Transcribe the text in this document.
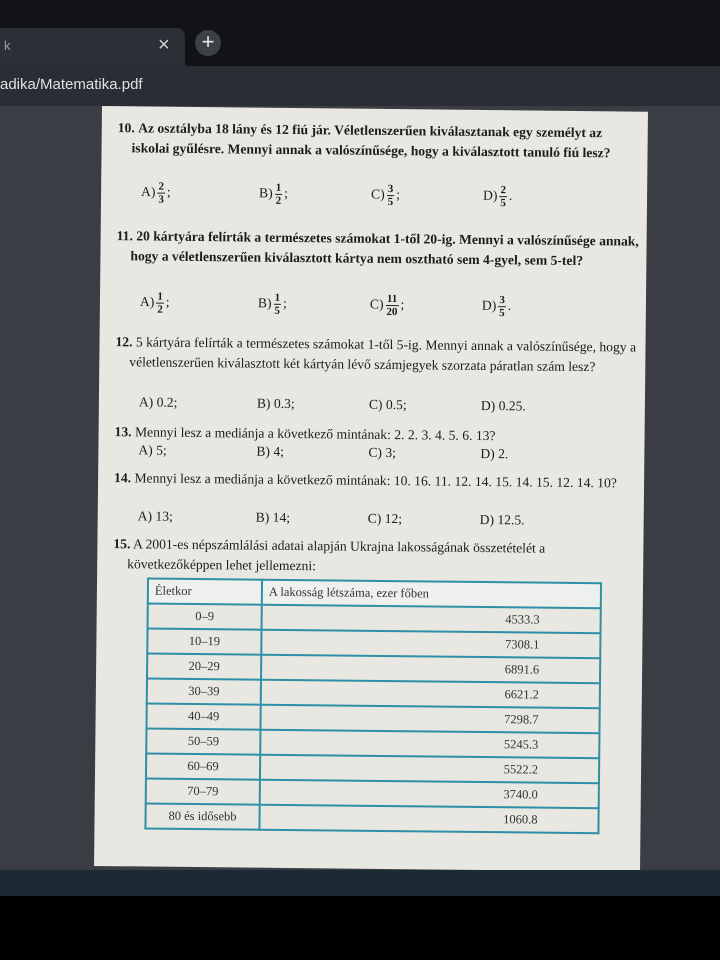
k	× +
adika/Matematika.pdf
10. Az osztályba 18 lány és 12 fiú jár. Véletlenszerűen kiválasztanak egy személyt az iskolai gyűlésre. Mennyi annak a valószínűsége, hogy a kiválasztott tanuló fiú lesz?
$A) \frac{2}{3}$ ;	$B) \frac{1}{2}$ ;	$C) \frac{3}{5}$ ;	$D) \frac{2}{5}$ .
11. 20 kártyára felírták a természetes számokat 1-től 20-ig. Mennyi a valószínűsége annak, hogy a véletlenszerűen kiválasztott kártya nem osztható sem 4-gyel, sem 5-tel?
$A) \frac{1}{2}$ ;	$B) \frac{1}{5}$ ;	$C) \frac{11}{20}$ ;	$D) \frac{3}{5}$ .
12. 5 kártyára felírták a természetes számokat 1-től 5-ig. Mennyi annak a valószínűsége, hogy a véletlenszerűen kiválasztott két kártyán lévő számjegyek szorzata páratlan szám lesz?
A) 0.2;	B) 0.3;	C) 0.5;	D) 0.25.
13. Mennyi lesz a mediánja a következő mintának: 2. 2. 3. 4. 5. 6. 13?
A) 5;	B) 4;	C) 3;	D) 2.
14. Mennyi lesz a mediánja a következő mintának: 10. 16. 11. 12. 14. 15. 14. 15. 12. 14. 10?
A) 13;	B) 14;	C) 12;	D) 12.5.
15. A 2001-es népszámlálási adatai alapján Ukrajna lakosságának összetételét a következőképpen lehet jellemezni:
Életkor	A lakosság létszáma, ezer főben
0–9	4533.3
10–19	7308.1
20–29	6891.6
30–39	6621.2
40–49	7298.7
50–59	5245.3
60–69	5522.2
70–79	3740.0
80 és idősebb	1060.8
